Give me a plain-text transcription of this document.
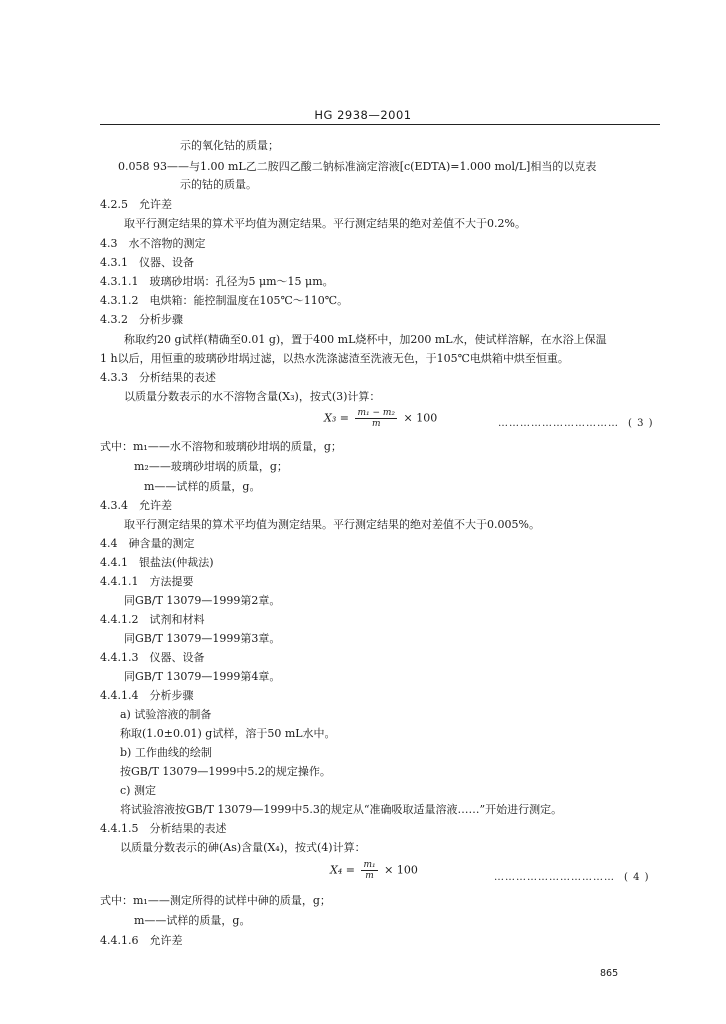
HG 2938—2001
示的氧化钴的质量；
0.058 93——与1.00 mL乙二胺四乙酸二钠标准滴定溶液[c(EDTA)=1.000 mol/L]相当的以克表
示的钴的质量。
4.2.5　允许差
取平行测定结果的算术平均值为测定结果。平行测定结果的绝对差值不大于0.2%。
4.3　水不溶物的测定
4.3.1　仪器、设备
4.3.1.1　玻璃砂坩埚：孔径为5 μm～15 μm。
4.3.1.2　电烘箱：能控制温度在105℃～110℃。
4.3.2　分析步骤
称取约20 g试样(精确至0.01 g)，置于400 mL烧杯中，加200 mL水，使试样溶解，在水浴上保温
1 h以后，用恒重的玻璃砂坩埚过滤，以热水洗涤滤渣至洗液无色，于105℃电烘箱中烘至恒重。
4.3.3　分析结果的表述
以质量分数表示的水不溶物含量(X₃)，按式(3)计算：
$X_3 = \frac{\text{m₁ − m₂}}{m} \times 100$	…………………………… ( 3 )
式中：m₁——水不溶物和玻璃砂坩埚的质量，g；
m₂——玻璃砂坩埚的质量，g；
m——试样的质量，g。
4.3.4　允许差
取平行测定结果的算术平均值为测定结果。平行测定结果的绝对差值不大于0.005%。
4.4　砷含量的测定
4.4.1　银盐法(仲裁法)
4.4.1.1　方法提要
同GB/T 13079—1999第2章。
4.4.1.2　试剂和材料
同GB/T 13079—1999第3章。
4.4.1.3　仪器、设备
同GB/T 13079—1999第4章。
4.4.1.4　分析步骤
a) 试验溶液的制备
称取(1.0±0.01) g试样，溶于50 mL水中。
b) 工作曲线的绘制
按GB/T 13079—1999中5.2的规定操作。
c) 测定
将试验溶液按GB/T 13079—1999中5.3的规定从“准确吸取适量溶液……”开始进行测定。
4.4.1.5　分析结果的表述
以质量分数表示的砷(As)含量(X₄)，按式(4)计算：
$X_4 = \frac{\text{m₁}}{m} \times 100$
…………………………… ( 4 )
式中：m₁——测定所得的试样中砷的质量，g；
m——试样的质量，g。
4.4.1.6　允许差
865
